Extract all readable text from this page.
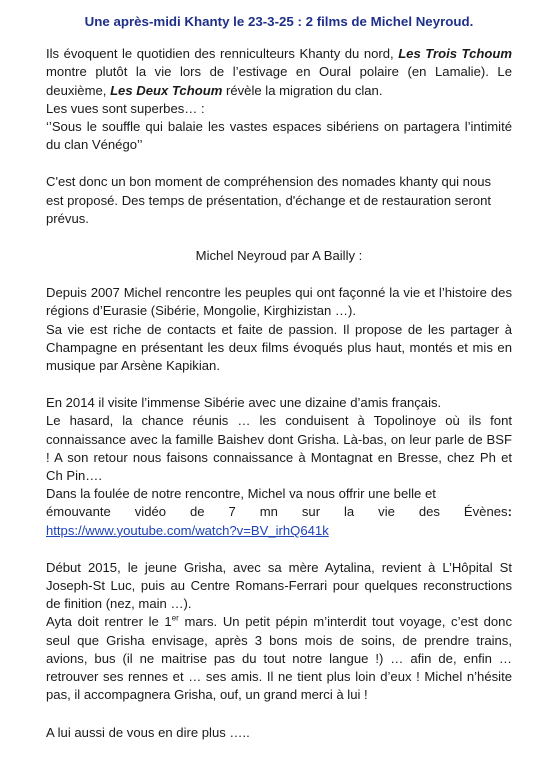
Une après-midi Khanty le 23-3-25 : 2 films de Michel Neyroud.

Ils évoquent le quotidien des renniculteurs Khanty du nord, Les Trois Tchoum montre plutôt la vie lors de l’estivage en Oural polaire (en Lamalie). Le deuxième, Les Deux Tchoum révèle la migration du clan.

Les vues sont superbes… :

‘’Sous le souffle qui balaie les vastes espaces sibériens on partagera l’intimité du clan Vénégo’’

C'est donc un bon moment de compréhension des nomades khanty qui nous est proposé. Des temps de présentation, d'échange et de restauration seront prévus.

Michel Neyroud par A Bailly :

Depuis 2007 Michel rencontre les peuples qui ont façonné la vie et l’histoire des régions d’Eurasie (Sibérie, Mongolie, Kirghizistan …).

Sa vie est riche de contacts et faite de passion. Il propose de les partager à Champagne en présentant les deux films évoqués plus haut, montés et mis en musique par Arsène Kapikian.

En 2014 il visite l’immense Sibérie avec une dizaine d’amis français.

Le hasard, la chance réunis … les conduisent à Topolinoye où ils font connaissance avec la famille Baishev dont Grisha. Là-bas, on leur parle de BSF ! A son retour nous faisons connaissance à Montagnat en Bresse, chez Ph et Ch Pin….

Dans la foulée de notre rencontre, Michel va nous offrir une belle et

émouvante vidéo de 7 mn sur la vie des Évènes:

https://www.youtube.com/watch?v=BV_irhQ641k

Début 2015, le jeune Grisha, avec sa mère Aytalina, revient à L’Hôpital St Joseph-St Luc, puis au Centre Romans-Ferrari pour quelques reconstructions de finition (nez, main …).

Ayta doit rentrer le 1er mars. Un petit pépin m’interdit tout voyage, c’est donc seul que Grisha envisage, après 3 bons mois de soins, de prendre trains, avions, bus (il ne maitrise pas du tout notre langue !) … afin de, enfin … retrouver ses rennes et … ses amis. Il ne tient plus loin d’eux ! Michel n’hésite pas, il accompagnera Grisha, ouf, un grand merci à lui !

A lui aussi de vous en dire plus …..
